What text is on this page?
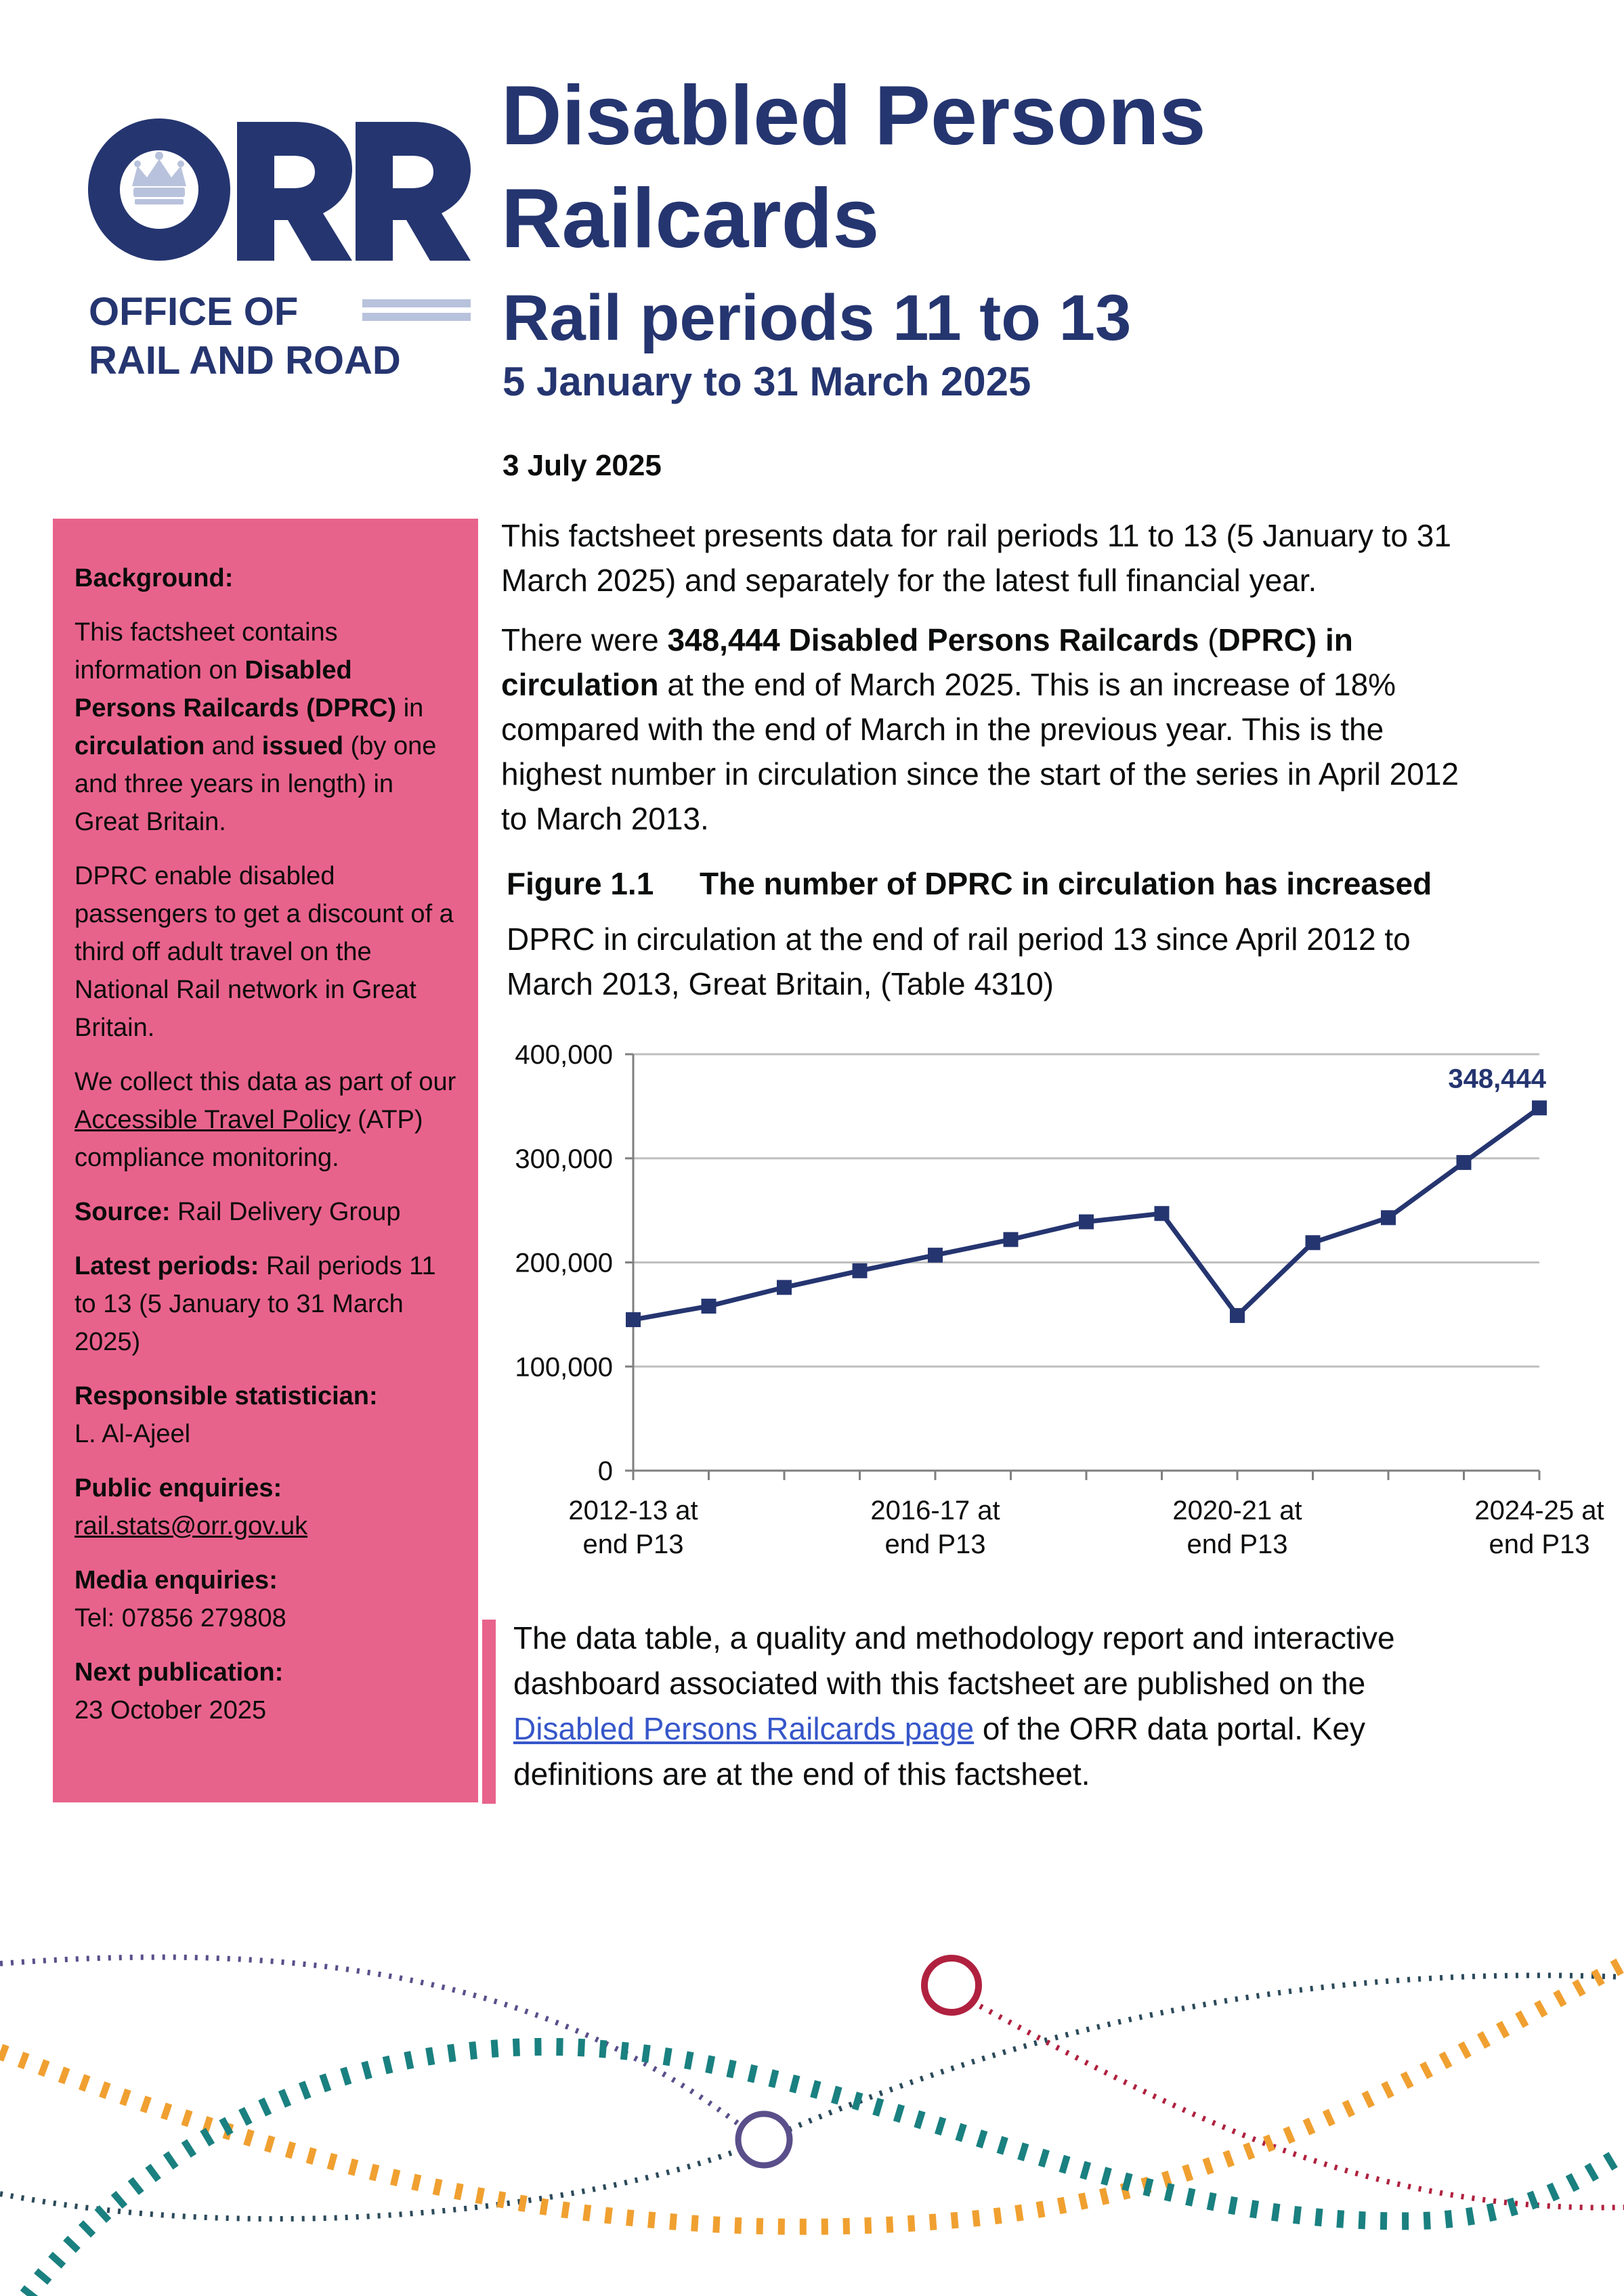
OFFICE OF
RAIL AND ROAD
Disabled Persons Railcards
Rail periods 11 to 13
5 January to 31 March 2025
3 July 2025

Background:

This factsheet contains information on Disabled Persons Railcards (DPRC) in circulation and issued (by one and three years in length) in Great Britain.

DPRC enable disabled passengers to get a discount of a third off adult travel on the National Rail network in Great Britain.

We collect this data as part of our Accessible Travel Policy (ATP) compliance monitoring.

Source: Rail Delivery Group

Latest periods: Rail periods 11 to 13 (5 January to 31 March 2025)

Responsible statistician:
L. Al-Ajeel

Public enquiries:
rail.stats@orr.gov.uk

Media enquiries:
Tel: 07856 279808

Next publication:
23 October 2025

This factsheet presents data for rail periods 11 to 13 (5 January to 31 March 2025) and separately for the latest full financial year.

There were 348,444 Disabled Persons Railcards (DPRC) in circulation at the end of March 2025. This is an increase of 18% compared with the end of March in the previous year. This is the highest number in circulation since the start of the series in April 2012 to March 2013.

Figure 1.1 The number of DPRC in circulation has increased
DPRC in circulation at the end of rail period 13 since April 2012 to March 2013, Great Britain, (Table 4310)
0
100,000
200,000
300,000
400,000
2012-13 at end P13
2016-17 at end P13
2020-21 at end P13
2024-25 at end P13
348,444
The data table, a quality and methodology report and interactive dashboard associated with this factsheet are published on the Disabled Persons Railcards page of the ORR data portal. Key definitions are at the end of this factsheet.
